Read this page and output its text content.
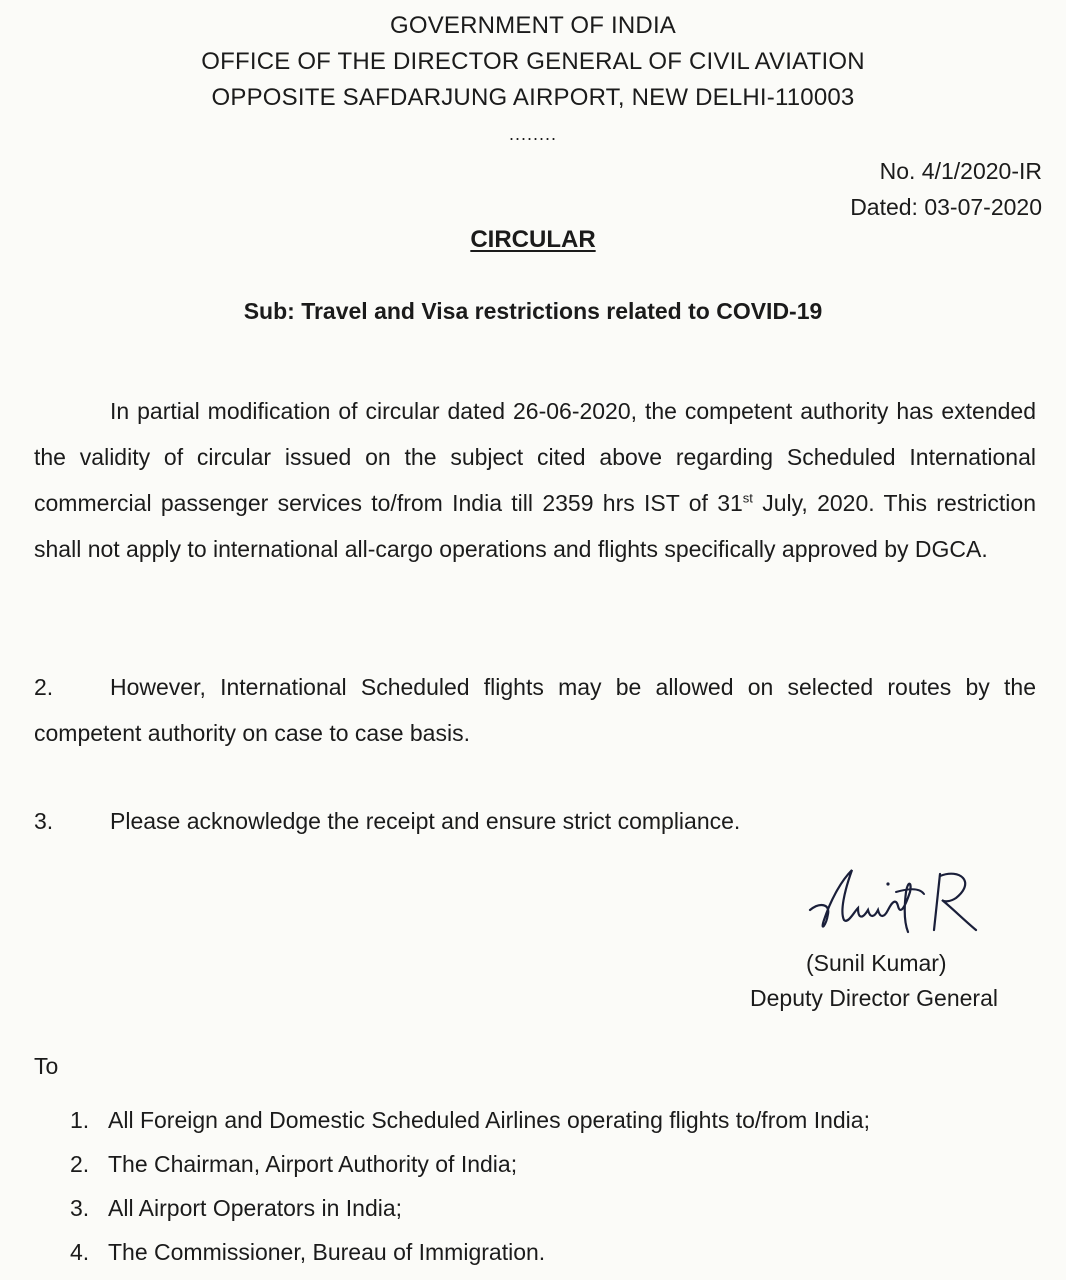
GOVERNMENT OF INDIA
OFFICE OF THE DIRECTOR GENERAL OF CIVIL AVIATION
OPPOSITE SAFDARJUNG AIRPORT, NEW DELHI-110003
........
No. 4/1/2020-IR
Dated: 03-07-2020
CIRCULAR
Sub: Travel and Visa restrictions related to COVID-19
In partial modification of circular dated 26-06-2020, the competent authority has extended the validity of circular issued on the subject cited above regarding Scheduled International commercial passenger services to/from India till 2359 hrs IST of 31st July, 2020. This restriction shall not apply to international all-cargo operations and flights specifically approved by DGCA.
2. However, International Scheduled flights may be allowed on selected routes by the competent authority on case to case basis.
3. Please acknowledge the receipt and ensure strict compliance.
(Sunil Kumar)
Deputy Director General
To
1. All Foreign and Domestic Scheduled Airlines operating flights to/from India;
2. The Chairman, Airport Authority of India;
3. All Airport Operators in India;
4. The Commissioner, Bureau of Immigration.
